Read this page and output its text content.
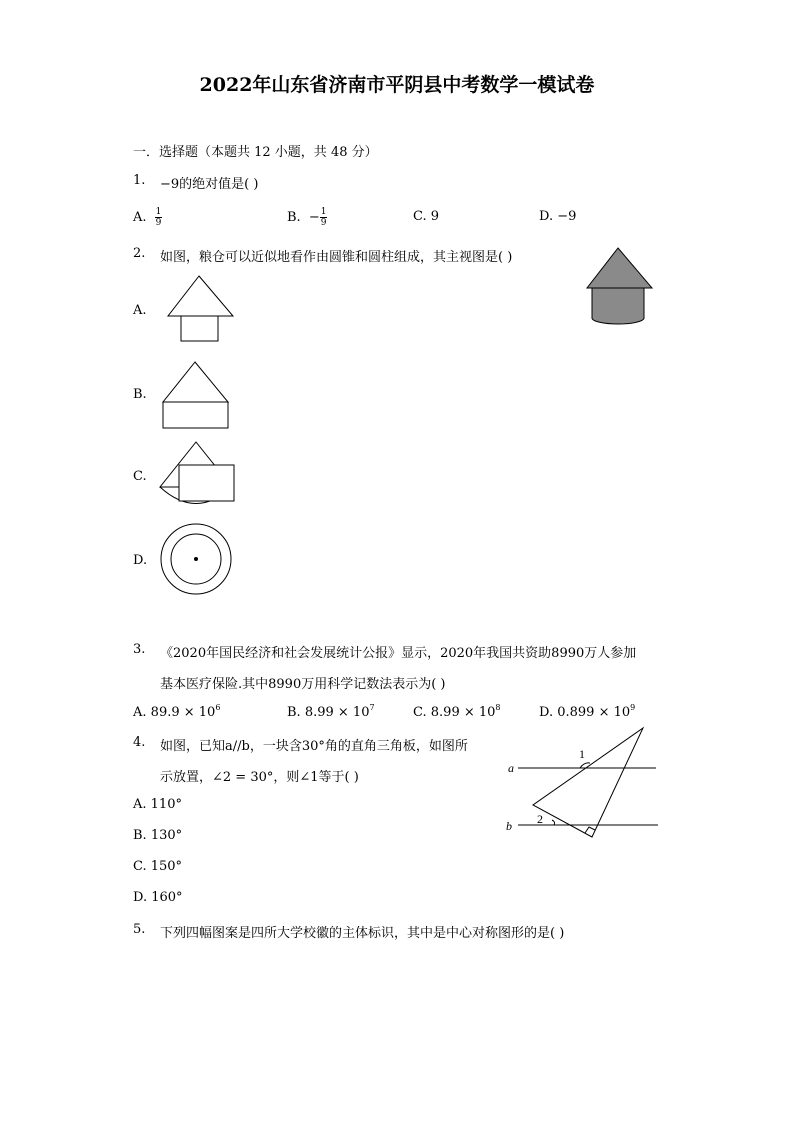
2022年山东省济南市平阴县中考数学一模试卷
一．选择题（本题共 12 小题，共 48 分）
1. −9的绝对值是( )
A. $\frac{1}{9}$	B. − $\frac{1}{9}$	C. 9	D. −9
2. 如图，粮仓可以近似地看作由圆锥和圆柱组成，其主视图是( )
A.
B.
C.
D.
3. 《2020年国民经济和社会发展统计公报》显示，2020年我国共资助8990万人参加
基本医疗保险.其中8990万用科学记数法表示为( )
A. $89.9 \times 10^6$	B. $8.99 \times 10^7$	C. $8.99 \times 10^8$	D. $0.899 \times 10^9$
4. 如图，已知a//b，一块含30°角的直角三角板，如图所
示放置，∠2 = 30°，则∠1等于( )
A. 110°
B. 130°
C. 150°
D. 160°
a
b
1
2
5. 下列四幅图案是四所大学校徽的主体标识，其中是中心对称图形的是( )
